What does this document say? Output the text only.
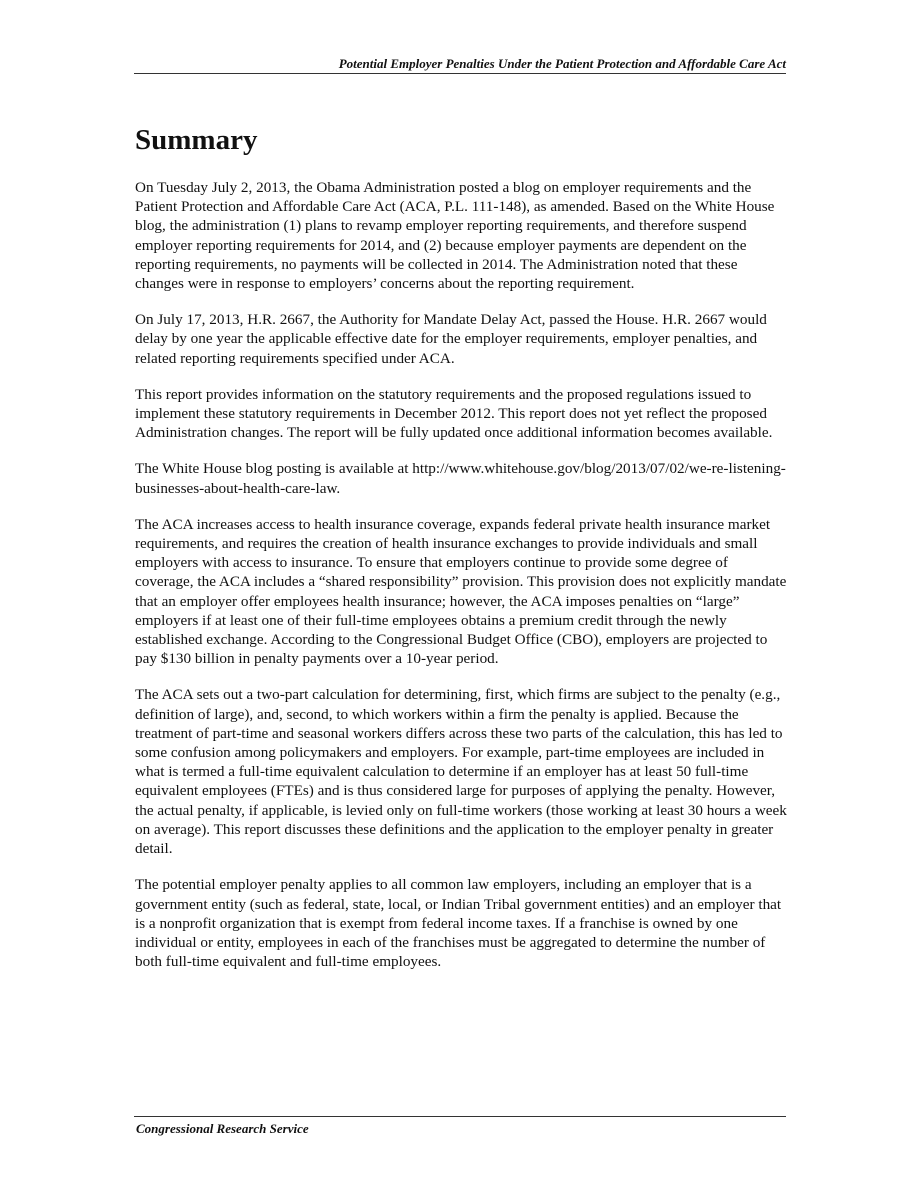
Potential Employer Penalties Under the Patient Protection and Affordable Care Act
Summary

On Tuesday July 2, 2013, the Obama Administration posted a blog on employer requirements and the Patient Protection and Affordable Care Act (ACA, P.L. 111-148), as amended. Based on the White House blog, the administration (1) plans to revamp employer reporting requirements, and therefore suspend employer reporting requirements for 2014, and (2) because employer payments are dependent on the reporting requirements, no payments will be collected in 2014. The Administration noted that these changes were in response to employers’ concerns about the reporting requirement.

On July 17, 2013, H.R. 2667, the Authority for Mandate Delay Act, passed the House. H.R. 2667 would delay by one year the applicable effective date for the employer requirements, employer penalties, and related reporting requirements specified under ACA.

This report provides information on the statutory requirements and the proposed regulations issued to implement these statutory requirements in December 2012. This report does not yet reflect the proposed Administration changes. The report will be fully updated once additional information becomes available.

The White House blog posting is available at http://www.whitehouse.gov/blog/2013/07/02/we-re-listening-businesses-about-health-care-law.

The ACA increases access to health insurance coverage, expands federal private health insurance market requirements, and requires the creation of health insurance exchanges to provide individuals and small employers with access to insurance. To ensure that employers continue to provide some degree of coverage, the ACA includes a “shared responsibility” provision. This provision does not explicitly mandate that an employer offer employees health insurance; however, the ACA imposes penalties on “large” employers if at least one of their full-time employees obtains a premium credit through the newly established exchange. According to the Congressional Budget Office (CBO), employers are projected to pay $130 billion in penalty payments over a 10-year period.

The ACA sets out a two-part calculation for determining, first, which firms are subject to the penalty (e.g., definition of large), and, second, to which workers within a firm the penalty is applied. Because the treatment of part-time and seasonal workers differs across these two parts of the calculation, this has led to some confusion among policymakers and employers. For example, part-time employees are included in what is termed a full-time equivalent calculation to determine if an employer has at least 50 full-time equivalent employees (FTEs) and is thus considered large for purposes of applying the penalty. However, the actual penalty, if applicable, is levied only on full-time workers (those working at least 30 hours a week on average). This report discusses these definitions and the application to the employer penalty in greater detail.

The potential employer penalty applies to all common law employers, including an employer that is a government entity (such as federal, state, local, or Indian Tribal government entities) and an employer that is a nonprofit organization that is exempt from federal income taxes. If a franchise is owned by one individual or entity, employees in each of the franchises must be aggregated to determine the number of both full-time equivalent and full-time employees.

Congressional Research Service
